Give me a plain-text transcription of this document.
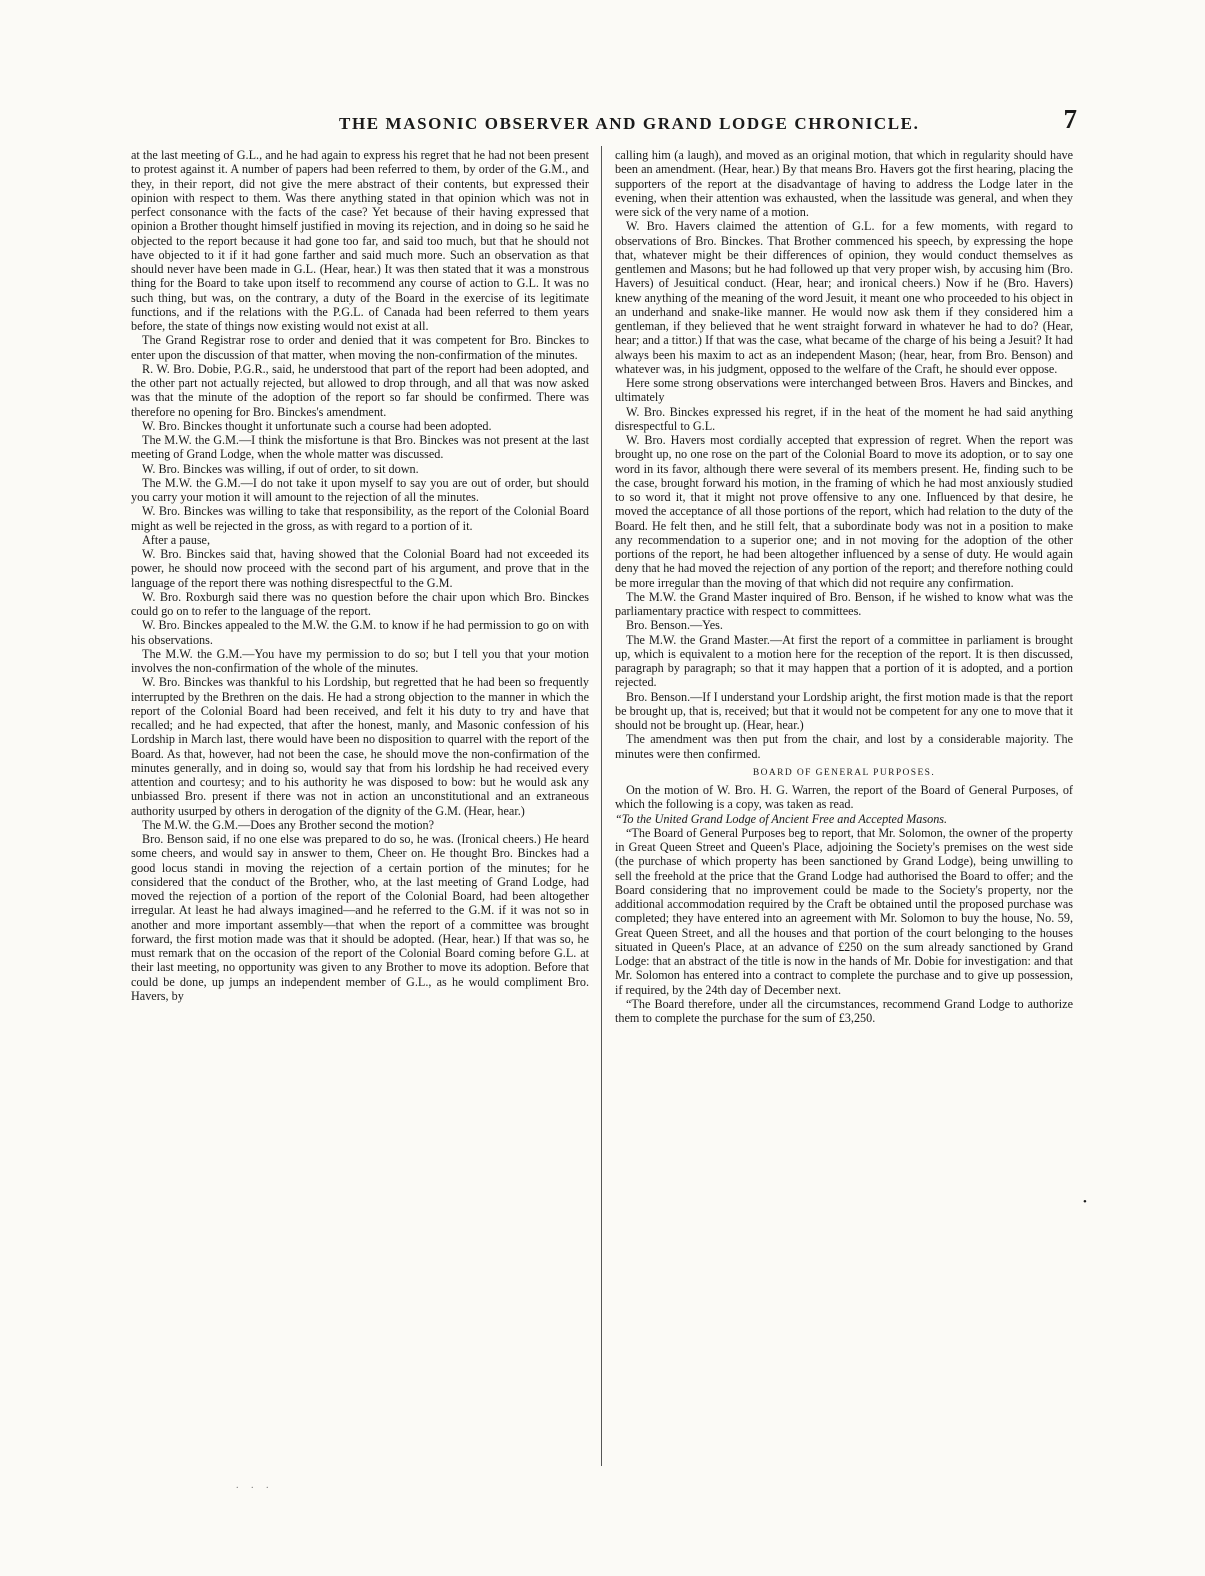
THE MASONIC OBSERVER AND GRAND LODGE CHRONICLE.	7

at the last meeting of G.L., and he had again to express his regret that he had not been present to protest against it. A number of papers had been referred to them, by order of the G.M., and they, in their report, did not give the mere abstract of their contents, but expressed their opinion with respect to them. Was there anything stated in that opinion which was not in perfect consonance with the facts of the case? Yet because of their having expressed that opinion a Brother thought himself justified in moving its rejection, and in doing so he said he objected to the report because it had gone too far, and said too much, but that he should not have objected to it if it had gone farther and said much more. Such an observation as that should never have been made in G.L. (Hear, hear.) It was then stated that it was a monstrous thing for the Board to take upon itself to recommend any course of action to G.L. It was no such thing, but was, on the contrary, a duty of the Board in the exercise of its legitimate functions, and if the relations with the P.G.L. of Canada had been referred to them years before, the state of things now existing would not exist at all.

The Grand Registrar rose to order and denied that it was competent for Bro. Binckes to enter upon the discussion of that matter, when moving the non-confirmation of the minutes.

R. W. Bro. Dobie, P.G.R., said, he understood that part of the report had been adopted, and the other part not actually rejected, but allowed to drop through, and all that was now asked was that the minute of the adoption of the report so far should be confirmed. There was therefore no opening for Bro. Binckes's amendment.

W. Bro. Binckes thought it unfortunate such a course had been adopted.

The M.W. the G.M.—I think the misfortune is that Bro. Binckes was not present at the last meeting of Grand Lodge, when the whole matter was discussed.

W. Bro. Binckes was willing, if out of order, to sit down.

The M.W. the G.M.—I do not take it upon myself to say you are out of order, but should you carry your motion it will amount to the rejection of all the minutes.

W. Bro. Binckes was willing to take that responsibility, as the report of the Colonial Board might as well be rejected in the gross, as with regard to a portion of it.

After a pause,

W. Bro. Binckes said that, having showed that the Colonial Board had not exceeded its power, he should now proceed with the second part of his argument, and prove that in the language of the report there was nothing disrespectful to the G.M.

W. Bro. Roxburgh said there was no question before the chair upon which Bro. Binckes could go on to refer to the language of the report.

W. Bro. Binckes appealed to the M.W. the G.M. to know if he had permission to go on with his observations.

The M.W. the G.M.—You have my permission to do so; but I tell you that your motion involves the non-confirmation of the whole of the minutes.

W. Bro. Binckes was thankful to his Lordship, but regretted that he had been so frequently interrupted by the Brethren on the dais. He had a strong objection to the manner in which the report of the Colonial Board had been received, and felt it his duty to try and have that recalled; and he had expected, that after the honest, manly, and Masonic confession of his Lordship in March last, there would have been no disposition to quarrel with the report of the Board. As that, however, had not been the case, he should move the non-confirmation of the minutes generally, and in doing so, would say that from his lordship he had received every attention and courtesy; and to his authority he was disposed to bow: but he would ask any unbiassed Bro. present if there was not in action an unconstitutional and an extraneous authority usurped by others in derogation of the dignity of the G.M. (Hear, hear.)

The M.W. the G.M.—Does any Brother second the motion?

Bro. Benson said, if no one else was prepared to do so, he was. (Ironical cheers.) He heard some cheers, and would say in answer to them, Cheer on. He thought Bro. Binckes had a good locus standi in moving the rejection of a certain portion of the minutes; for he considered that the conduct of the Brother, who, at the last meeting of Grand Lodge, had moved the rejection of a portion of the report of the Colonial Board, had been altogether irregular. At least he had always imagined—and he referred to the G.M. if it was not so in another and more important assembly—that when the report of a committee was brought forward, the first motion made was that it should be adopted. (Hear, hear.) If that was so, he must remark that on the occasion of the report of the Colonial Board coming before G.L. at their last meeting, no opportunity was given to any Brother to move its adoption. Before that could be done, up jumps an independent member of G.L., as he would compliment Bro. Havers, by

calling him (a laugh), and moved as an original motion, that which in regularity should have been an amendment. (Hear, hear.) By that means Bro. Havers got the first hearing, placing the supporters of the report at the disadvantage of having to address the Lodge later in the evening, when their attention was exhausted, when the lassitude was general, and when they were sick of the very name of a motion.

W. Bro. Havers claimed the attention of G.L. for a few moments, with regard to observations of Bro. Binckes. That Brother commenced his speech, by expressing the hope that, whatever might be their differences of opinion, they would conduct themselves as gentlemen and Masons; but he had followed up that very proper wish, by accusing him (Bro. Havers) of Jesuitical conduct. (Hear, hear; and ironical cheers.) Now if he (Bro. Havers) knew anything of the meaning of the word Jesuit, it meant one who proceeded to his object in an underhand and snake-like manner. He would now ask them if they considered him a gentleman, if they believed that he went straight forward in whatever he had to do? (Hear, hear; and a tittor.) If that was the case, what became of the charge of his being a Jesuit? It had always been his maxim to act as an independent Mason; (hear, hear, from Bro. Benson) and whatever was, in his judgment, opposed to the welfare of the Craft, he should ever oppose.

Here some strong observations were interchanged between Bros. Havers and Binckes, and ultimately

W. Bro. Binckes expressed his regret, if in the heat of the moment he had said anything disrespectful to G.L.

W. Bro. Havers most cordially accepted that expression of regret. When the report was brought up, no one rose on the part of the Colonial Board to move its adoption, or to say one word in its favor, although there were several of its members present. He, finding such to be the case, brought forward his motion, in the framing of which he had most anxiously studied to so word it, that it might not prove offensive to any one. Influenced by that desire, he moved the acceptance of all those portions of the report, which had relation to the duty of the Board. He felt then, and he still felt, that a subordinate body was not in a position to make any recommendation to a superior one; and in not moving for the adoption of the other portions of the report, he had been altogether influenced by a sense of duty. He would again deny that he had moved the rejection of any portion of the report; and therefore nothing could be more irregular than the moving of that which did not require any confirmation.

The M.W. the Grand Master inquired of Bro. Benson, if he wished to know what was the parliamentary practice with respect to committees.

Bro. Benson.—Yes.

The M.W. the Grand Master.—At first the report of a committee in parliament is brought up, which is equivalent to a motion here for the reception of the report. It is then discussed, paragraph by paragraph; so that it may happen that a portion of it is adopted, and a portion rejected.

Bro. Benson.—If I understand your Lordship aright, the first motion made is that the report be brought up, that is, received; but that it would not be competent for any one to move that it should not be brought up. (Hear, hear.)

The amendment was then put from the chair, and lost by a considerable majority. The minutes were then confirmed.

BOARD OF GENERAL PURPOSES.

On the motion of W. Bro. H. G. Warren, the report of the Board of General Purposes, of which the following is a copy, was taken as read.

“To the United Grand Lodge of Ancient Free and Accepted Masons.

“The Board of General Purposes beg to report, that Mr. Solomon, the owner of the property in Great Queen Street and Queen's Place, adjoining the Society's premises on the west side (the purchase of which property has been sanctioned by Grand Lodge), being unwilling to sell the freehold at the price that the Grand Lodge had authorised the Board to offer; and the Board considering that no improvement could be made to the Society's property, nor the additional accommodation required by the Craft be obtained until the proposed purchase was completed; they have entered into an agreement with Mr. Solomon to buy the house, No. 59, Great Queen Street, and all the houses and that portion of the court belonging to the houses situated in Queen's Place, at an advance of £250 on the sum already sanctioned by Grand Lodge: that an abstract of the title is now in the hands of Mr. Dobie for investigation: and that Mr. Solomon has entered into a contract to complete the purchase and to give up possession, if required, by the 24th day of December next.

“The Board therefore, under all the circumstances, recommend Grand Lodge to authorize them to complete the purchase for the sum of £3,250.

•
. . .
